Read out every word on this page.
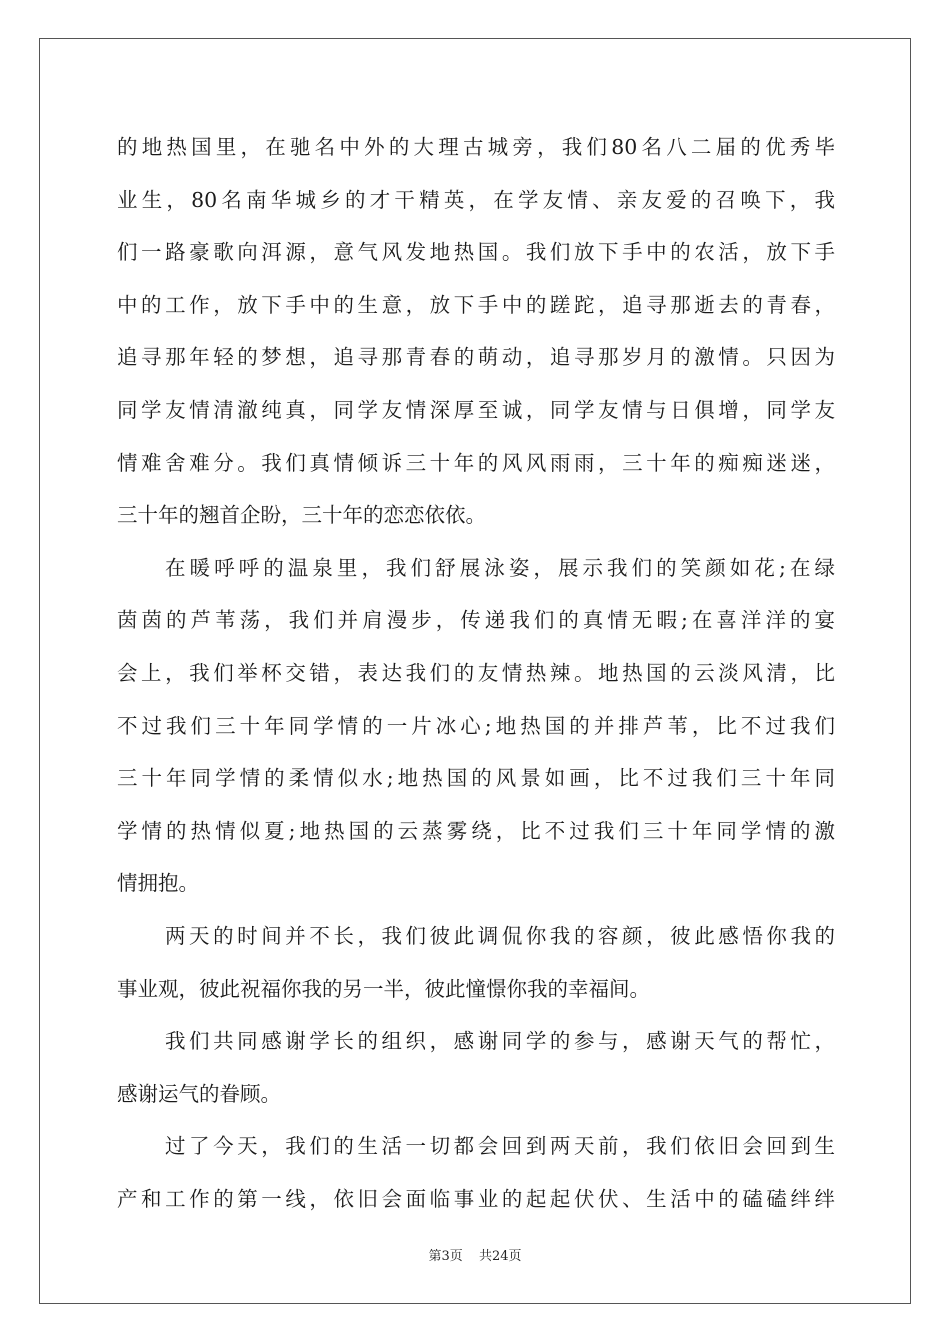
的地热国里，在驰名中外的大理古城旁，我们80名八二届的优秀毕
业生，80名南华城乡的才干精英，在学友情、亲友爱的召唤下，我
们一路豪歌向洱源，意气风发地热国。我们放下手中的农活，放下手
中的工作，放下手中的生意，放下手中的蹉跎，追寻那逝去的青春，
追寻那年轻的梦想，追寻那青春的萌动，追寻那岁月的激情。只因为
同学友情清澈纯真，同学友情深厚至诚，同学友情与日俱增，同学友
情难舍难分。我们真情倾诉三十年的风风雨雨，三十年的痴痴迷迷，
三十年的翘首企盼，三十年的恋恋依依。
在暖呼呼的温泉里，我们舒展泳姿，展示我们的笑颜如花;在绿
茵茵的芦苇荡，我们并肩漫步，传递我们的真情无暇;在喜洋洋的宴
会上，我们举杯交错，表达我们的友情热辣。地热国的云淡风清，比
不过我们三十年同学情的一片冰心;地热国的并排芦苇，比不过我们
三十年同学情的柔情似水;地热国的风景如画，比不过我们三十年同
学情的热情似夏;地热国的云蒸雾绕，比不过我们三十年同学情的激
情拥抱。
两天的时间并不长，我们彼此调侃你我的容颜，彼此感悟你我的
事业观，彼此祝福你我的另一半，彼此憧憬你我的幸福间。
我们共同感谢学长的组织，感谢同学的参与，感谢天气的帮忙，
感谢运气的眷顾。
过了今天，我们的生活一切都会回到两天前，我们依旧会回到生
产和工作的第一线，依旧会面临事业的起起伏伏、生活中的磕磕绊绊
第3页 共24页
